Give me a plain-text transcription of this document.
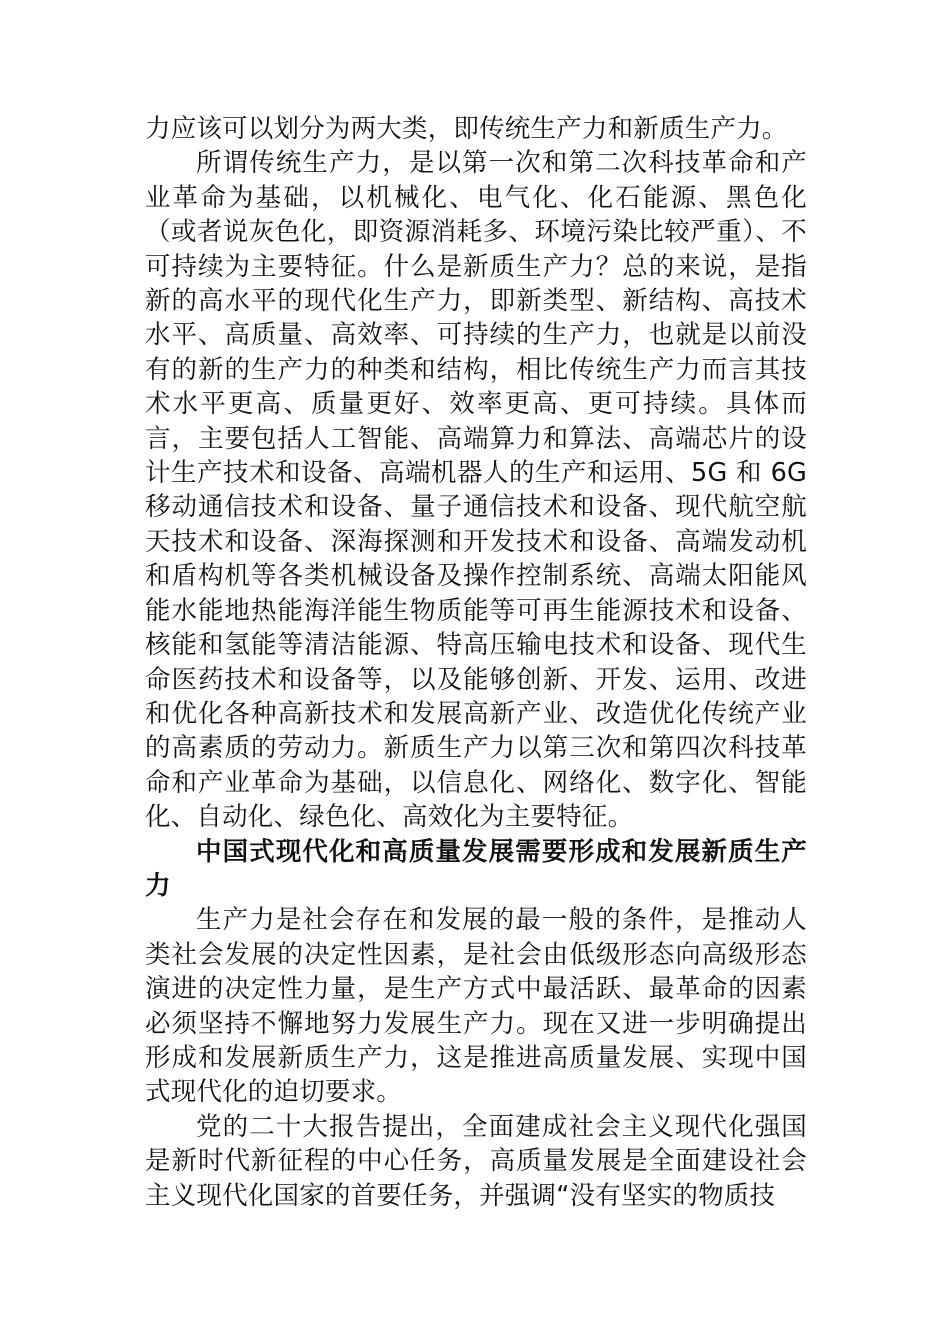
力应该可以划分为两大类，即传统生产力和新质生产力。

所谓传统生产力，是以第一次和第二次科技革命和产业革命为基础，以机械化、电气化、化石能源、黑色化（或者说灰色化，即资源消耗多、环境污染比较严重）、不可持续为主要特征。什么是新质生产力？总的来说，是指新的高水平的现代化生产力，即新类型、新结构、高技术水平、高质量、高效率、可持续的生产力，也就是以前没有的新的生产力的种类和结构，相比传统生产力而言其技术水平更高、质量更好、效率更高、更可持续。具体而言，主要包括人工智能、高端算力和算法、高端芯片的设计生产技术和设备、高端机器人的生产和运用、5G 和 6G 移动通信技术和设备、量子通信技术和设备、现代航空航天技术和设备、深海探测和开发技术和设备、高端发动机和盾构机等各类机械设备及操作控制系统、高端太阳能风能水能地热能海洋能生物质能等可再生能源技术和设备、核能和氢能等清洁能源、特高压输电技术和设备、现代生命医药技术和设备等，以及能够创新、开发、运用、改进和优化各种高新技术和发展高新产业、改造优化传统产业的高素质的劳动力。新质生产力以第三次和第四次科技革命和产业革命为基础，以信息化、网络化、数字化、智能化、自动化、绿色化、高效化为主要特征。

中国式现代化和高质量发展需要形成和发展新质生产力

生产力是社会存在和发展的最一般的条件，是推动人类社会发展的决定性因素，是社会由低级形态向高级形态演进的决定性力量，是生产方式中最活跃、最革命的因素必须坚持不懈地努力发展生产力。现在又进一步明确提出形成和发展新质生产力，这是推进高质量发展、实现中国式现代化的迫切要求。

党的二十大报告提出，全面建成社会主义现代化强国是新时代新征程的中心任务，高质量发展是全面建设社会主义现代化国家的首要任务，并强调“没有坚实的物质技
